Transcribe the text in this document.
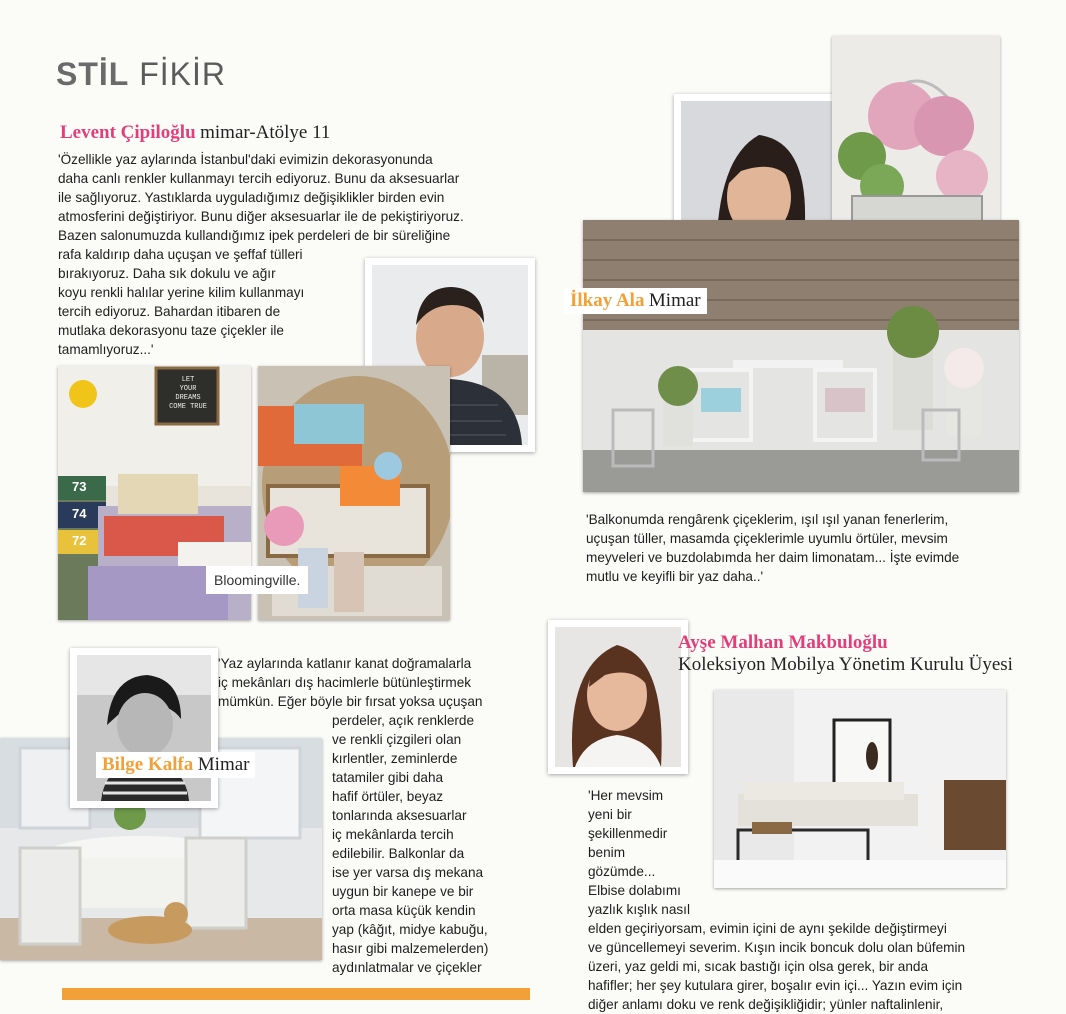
STİL FİKİR
Levent Çipiloğlu mimar-Atölye 11
'Özellikle yaz aylarında İstanbul'daki evimizin dekorasyonunda
daha canlı renkler kullanmayı tercih ediyoruz. Bunu da aksesuarlar
ile sağlıyoruz. Yastıklarda uyguladığımız değişiklikler birden evin
atmosferini değiştiriyor. Bunu diğer aksesuarlar ile de pekiştiriyoruz.
Bazen salonumuzda kullandığımız ipek perdeleri de bir süreliğine
rafa kaldırıp daha uçuşan ve şeffaf tülleri
bırakıyoruz. Daha sık dokulu ve ağır
koyu renkli halılar yerine kilim kullanmayı
tercih ediyoruz. Bahardan itibaren de
mutlaka dekorasyonu taze çiçekler ile
tamamlıyoruz...'
LET
YOUR DREAMS
COME TRUE
73
74
72
Bloomingville.
İlkay Ala Mimar
'Balkonumda rengârenk çiçeklerim, ışıl ışıl yanan fenerlerim,
uçuşan tüller, masamda çiçeklerimle uyumlu örtüler, mevsim
meyveleri ve buzdolabımda her daim limonatam... İşte evimde
mutlu ve keyifli bir yaz daha..'
Bilge Kalfa Mimar
'Yaz aylarında katlanır kanat doğramalarla
iç mekânları dış hacimlerle bütünleştirmek
mümkün. Eğer böyle bir fırsat yoksa uçuşan
perdeler, açık renklerde
ve renkli çizgileri olan
kırlentler, zeminlerde
tatamiler gibi daha
hafif örtüler, beyaz
tonlarında aksesuarlar
iç mekânlarda tercih
edilebilir. Balkonlar da
ise yer varsa dış mekana
uygun bir kanepe ve bir
orta masa küçük kendin
yap (kâğıt, midye kabuğu,
hasır gibi malzemelerden)
aydınlatmalar ve çiçekler
Ayşe Malhan Makbuloğlu
Koleksiyon Mobilya Yönetim Kurulu Üyesi
'Her mevsim
yeni bir
şekillenmedir
benim
gözümde...
Elbise dolabımı
yazlık kışlık nasıl
elden geçiriyorsam, evimin içini de aynı şekilde değiştirmeyi
ve güncellemeyi severim. Kışın incik boncuk dolu olan büfemin
üzeri, yaz geldi mi, sıcak bastığı için olsa gerek, bir anda
hafifler; her şey kutulara girer, boşalır evin içi... Yazın evim için
diğer anlamı doku ve renk değişikliğidir; yünler naftalinlenir,
